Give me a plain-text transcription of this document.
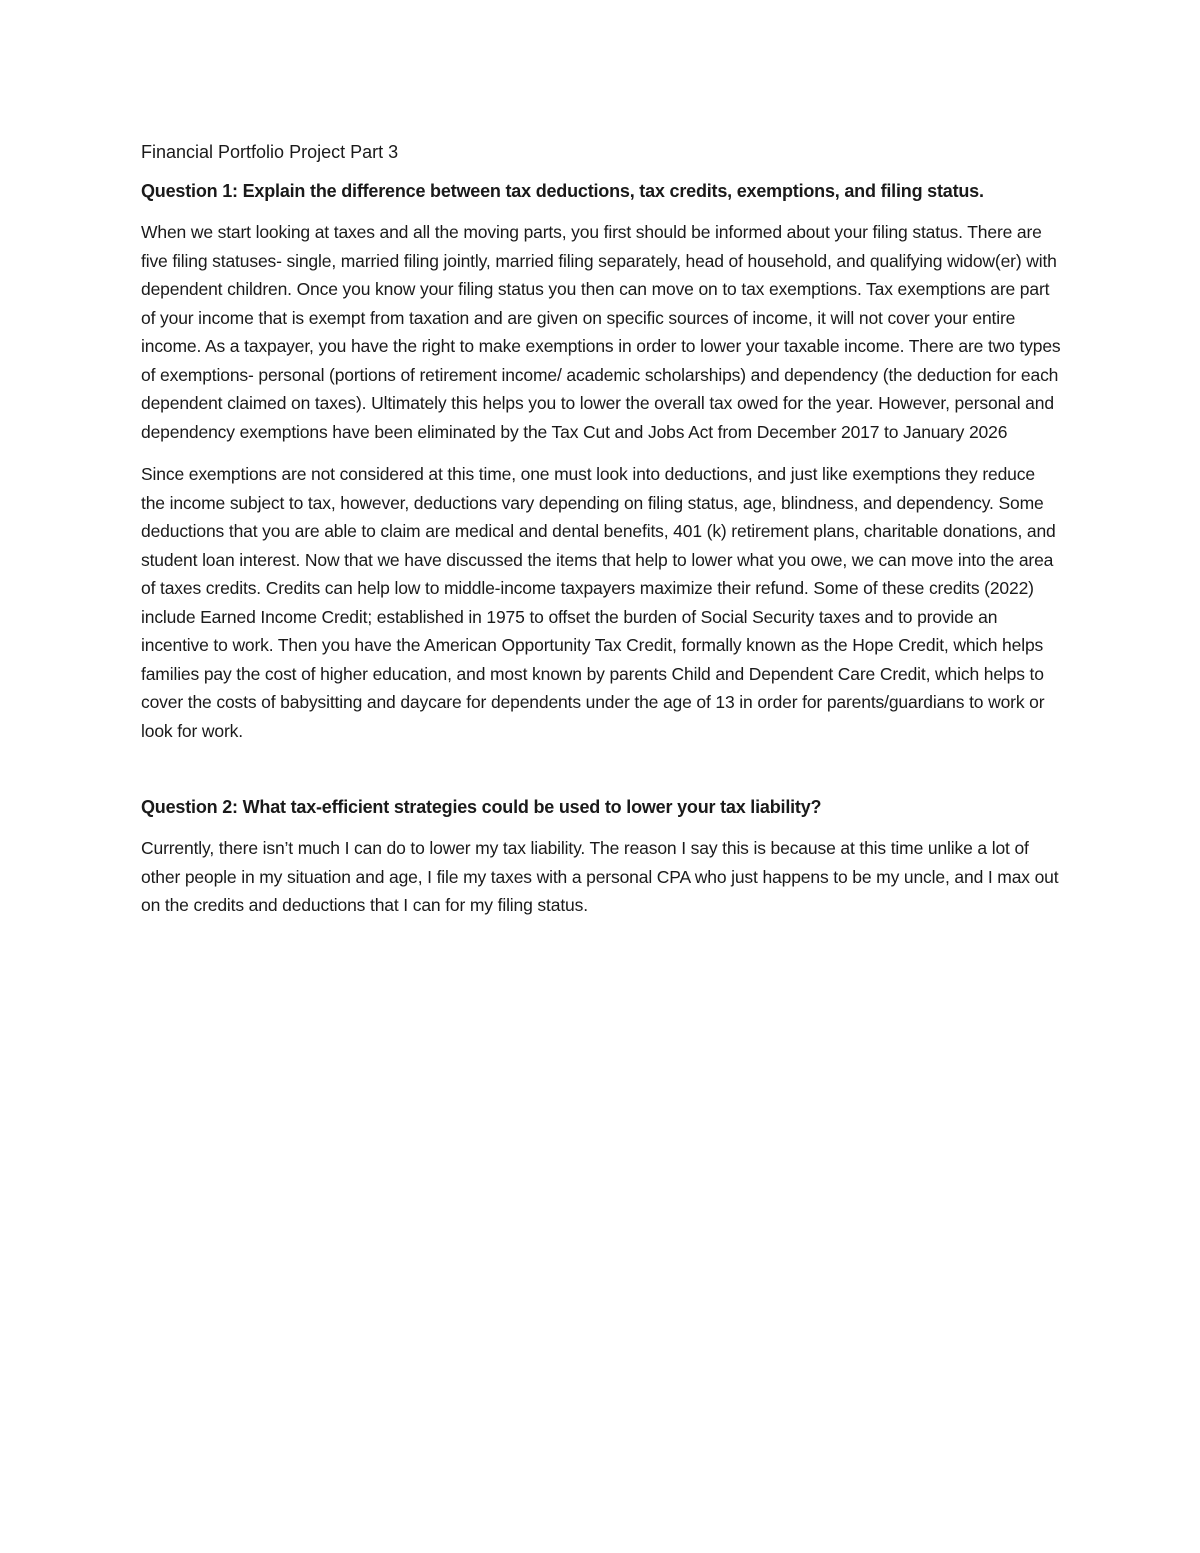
Financial Portfolio Project Part 3

Question 1: Explain the difference between tax deductions, tax credits, exemptions, and filing status.

When we start looking at taxes and all the moving parts, you first should be informed about your filing status. There are five filing statuses- single, married filing jointly, married filing separately, head of household, and qualifying widow(er) with dependent children. Once you know your filing status you then can move on to tax exemptions. Tax exemptions are part of your income that is exempt from taxation and are given on specific sources of income, it will not cover your entire income. As a taxpayer, you have the right to make exemptions in order to lower your taxable income. There are two types of exemptions- personal (portions of retirement income/ academic scholarships) and dependency (the deduction for each dependent claimed on taxes). Ultimately this helps you to lower the overall tax owed for the year. However, personal and dependency exemptions have been eliminated by the Tax Cut and Jobs Act from December 2017 to January 2026

Since exemptions are not considered at this time, one must look into deductions, and just like exemptions they reduce the income subject to tax, however, deductions vary depending on filing status, age, blindness, and dependency. Some deductions that you are able to claim are medical and dental benefits, 401 (k) retirement plans, charitable donations, and student loan interest. Now that we have discussed the items that help to lower what you owe, we can move into the area of taxes credits. Credits can help low to middle-income taxpayers maximize their refund. Some of these credits (2022) include Earned Income Credit; established in 1975 to offset the burden of Social Security taxes and to provide an incentive to work. Then you have the American Opportunity Tax Credit, formally known as the Hope Credit, which helps families pay the cost of higher education, and most known by parents Child and Dependent Care Credit, which helps to cover the costs of babysitting and daycare for dependents under the age of 13 in order for parents/guardians to work or look for work.

Question 2: What tax-efficient strategies could be used to lower your tax liability?

Currently, there isn’t much I can do to lower my tax liability. The reason I say this is because at this time unlike a lot of other people in my situation and age, I file my taxes with a personal CPA who just happens to be my uncle, and I max out on the credits and deductions that I can for my filing status.
